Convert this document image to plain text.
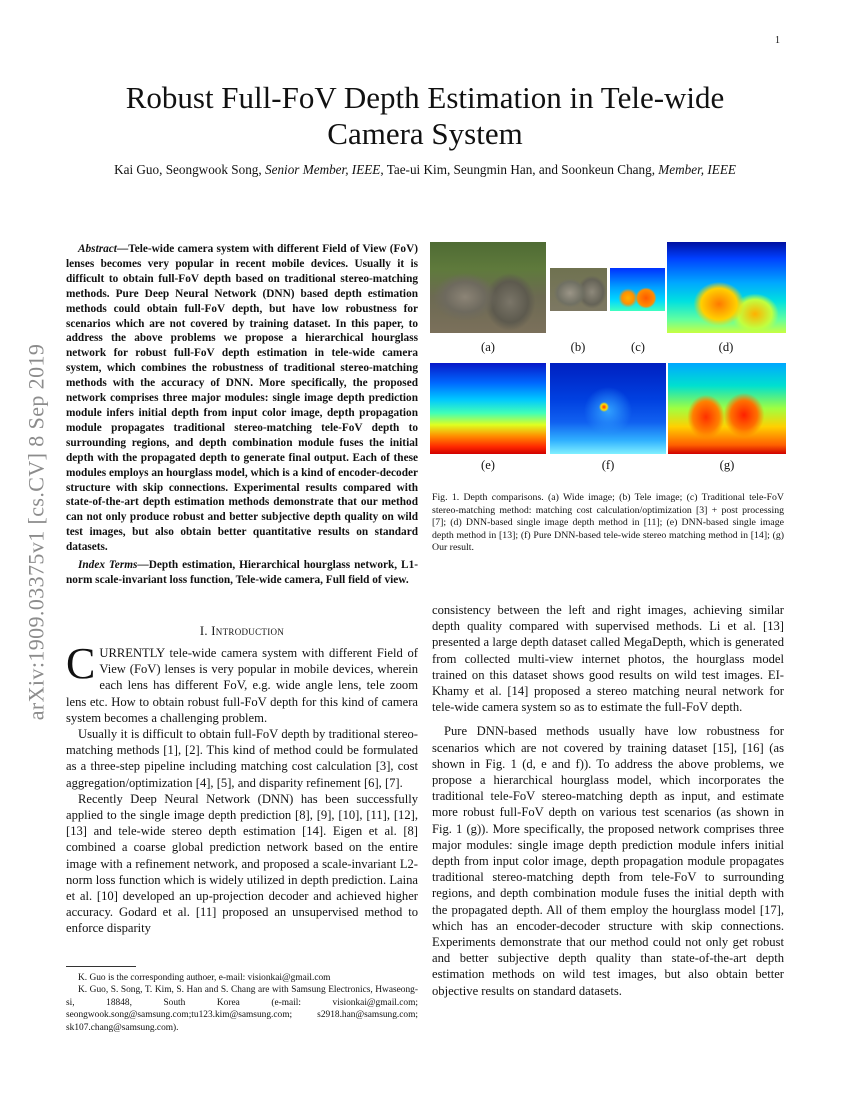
1
arXiv:1909.03375v1 [cs.CV] 8 Sep 2019
Robust Full-FoV Depth Estimation in Tele-wide Camera System
Kai Guo, Seongwook Song, Senior Member, IEEE, Tae-ui Kim, Seungmin Han, and Soonkeun Chang, Member, IEEE

Abstract—Tele-wide camera system with different Field of View (FoV) lenses becomes very popular in recent mobile devices. Usually it is difficult to obtain full-FoV depth based on traditional stereo-matching methods. Pure Deep Neural Network (DNN) based depth estimation methods could obtain full-FoV depth, but have low robustness for scenarios which are not covered by training dataset. In this paper, to address the above problems we propose a hierarchical hourglass network for robust full-FoV depth estimation in tele-wide camera system, which combines the robustness of traditional stereo-matching methods with the accuracy of DNN. More specifically, the proposed network comprises three major modules: single image depth prediction module infers initial depth from input color image, depth propagation module propagates traditional stereo-matching tele-FoV depth to surrounding regions, and depth combination module fuses the initial depth with the propagated depth to generate final output. Each of these modules employs an hourglass model, which is a kind of encoder-decoder structure with skip connections. Experimental results compared with state-of-the-art depth estimation methods demonstrate that our method can not only produce robust and better subjective depth quality on wild test images, but also obtain better quantitative results on standard datasets.

Index Terms—Depth estimation, Hierarchical hourglass network, L1-norm scale-invariant loss function, Tele-wide camera, Full field of view.

I. Introduction

CURRENTLY tele-wide camera system with different Field of View (FoV) lenses is very popular in mobile devices, wherein each lens has different FoV, e.g. wide angle lens, tele zoom lens etc. How to obtain robust full-FoV depth for this kind of camera system becomes a challenging problem.

Usually it is difficult to obtain full-FoV depth by traditional stereo-matching methods [1], [2]. This kind of method could be formulated as a three-step pipeline including matching cost calculation [3], cost aggregation/optimization [4], [5], and disparity refinement [6], [7].

Recently Deep Neural Network (DNN) has been successfully applied to the single image depth prediction [8], [9], [10], [11], [12], [13] and tele-wide stereo depth estimation [14]. Eigen et al. [8] combined a coarse global prediction network based on the entire image with a refinement network, and proposed a scale-invariant L2-norm loss function which is widely utilized in depth prediction. Laina et al. [10] developed an up-projection decoder and achieved higher accuracy. Godard et al. [11] proposed an unsupervised method to enforce disparity

K. Guo is the corresponding authoer, e-mail: visionkai@gmail.com

K. Guo, S. Song, T. Kim, S. Han and S. Chang are with Samsung Electronics, Hwaseong-si, 18848, South Korea (e-mail: visionkai@gmail.com; seongwook.song@samsung.com;tu123.kim@samsung.com; s2918.han@samsung.com; sk107.chang@samsung.com).

(a)	(b)	(c)	(d)
(e)	(f)	(g)
Fig. 1. Depth comparisons. (a) Wide image; (b) Tele image; (c) Traditional tele-FoV stereo-matching method: matching cost calculation/optimization [3] + post processing [7]; (d) DNN-based single image depth method in [11]; (e) DNN-based single image depth method in [13]; (f) Pure DNN-based tele-wide stereo matching method in [14]; (g) Our result.

consistency between the left and right images, achieving similar depth quality compared with supervised methods. Li et al. [13] presented a large depth dataset called MegaDepth, which is generated from collected multi-view internet photos, the hourglass model trained on this dataset shows good results on wild test images. EI-Khamy et al. [14] proposed a stereo matching neural network for tele-wide camera system so as to estimate the full-FoV depth.

Pure DNN-based methods usually have low robustness for scenarios which are not covered by training dataset [15], [16] (as shown in Fig. 1 (d, e and f)). To address the above problems, we propose a hierarchical hourglass model, which incorporates the traditional tele-FoV stereo-matching depth as input, and estimate more robust full-FoV depth on various test scenarios (as shown in Fig. 1 (g)). More specifically, the proposed network comprises three major modules: single image depth prediction module infers initial depth from input color image, depth propagation module propagates traditional stereo-matching depth from tele-FoV to surrounding regions, and depth combination module fuses the initial depth with the propagated depth. All of them employ the hourglass model [17], which has an encoder-decoder structure with skip connections. Experiments demonstrate that our method could not only get robust and better subjective depth quality than state-of-the-art depth estimation methods on wild test images, but also obtain better objective results on standard datasets.
